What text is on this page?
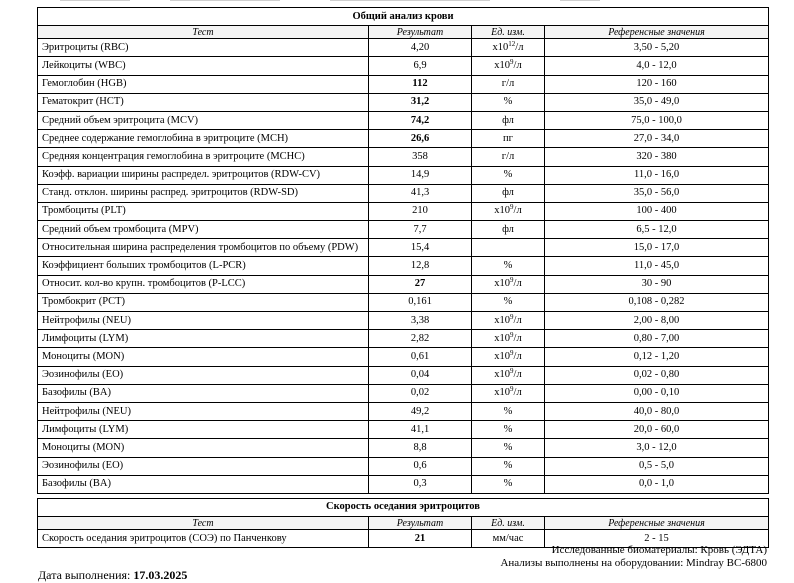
Общий анализ крови			
Тест	Результат	Ед. изм.	Референсные значения
Эритроциты (RBC)	4,20	$x10^{12}/л$	3,50 - 5,20
Лейкоциты (WBC)	6,9	$x10^9/л$	4,0 - 12,0
Гемоглобин (HGB)	112	г/л	120 - 160
Гематокрит (HCT)	31,2	%	35,0 - 49,0
Средний объем эритроцита (MCV)	74,2	фл	75,0 - 100,0
Среднее содержание гемоглобина в эритроците (MCH)	26,6	пг	27,0 - 34,0
Средняя концентрация гемоглобина в эритроците (MCHC)	358	г/л	320 - 380
Коэфф. вариации ширины распредел. эритроцитов (RDW-CV)	14,9	%	11,0 - 16,0
Станд. отклон. ширины распред. эритроцитов (RDW-SD)	41,3	фл	35,0 - 56,0
Тромбоциты (PLT)	210	$x10^9/л$	100 - 400
Средний объем тромбоцита (MPV)	7,7	фл	6,5 - 12,0
Относительная ширина распределения тромбоцитов по объему (PDW)	15,4		15,0 - 17,0
Коэффициент больших тромбоцитов (L-PCR)	12,8	%	11,0 - 45,0
Относит. кол-во крупн. тромбоцитов (P-LCC)	27	$x10^9/л$	30 - 90
Тромбокрит (PCT)	0,161	%	0,108 - 0,282
Нейтрофилы (NEU)	3,38	$x10^9/л$	2,00 - 8,00
Лимфоциты (LYM)	2,82	$x10^9/л$	0,80 - 7,00
Моноциты (MON)	0,61	$x10^9/л$	0,12 - 1,20
Эозинофилы (EO)	0,04	$x10^9/л$	0,02 - 0,80
Базофилы (BA)	0,02	$x10^9/л$	0,00 - 0,10
Нейтрофилы (NEU)	49,2	%	40,0 - 80,0
Лимфоциты (LYM)	41,1	%	20,0 - 60,0
Моноциты (MON)	8,8	%	3,0 - 12,0
Эозинофилы (EO)	0,6	%	0,5 - 5,0
Базофилы (BA)	0,3	%	0,0 - 1,0
Скорость оседания эритроцитов			
Тест	Результат	Ед. изм.	Референсные значения
Скорость оседания эритроцитов (СОЭ) по Панченкову	21	мм/час	2 - 15
Исследованные биоматериалы: Кровь (ЭДТА)
Анализы выполнены на оборудовании: Mindray BC-6800
Дата выполнения: 17.03.2025
